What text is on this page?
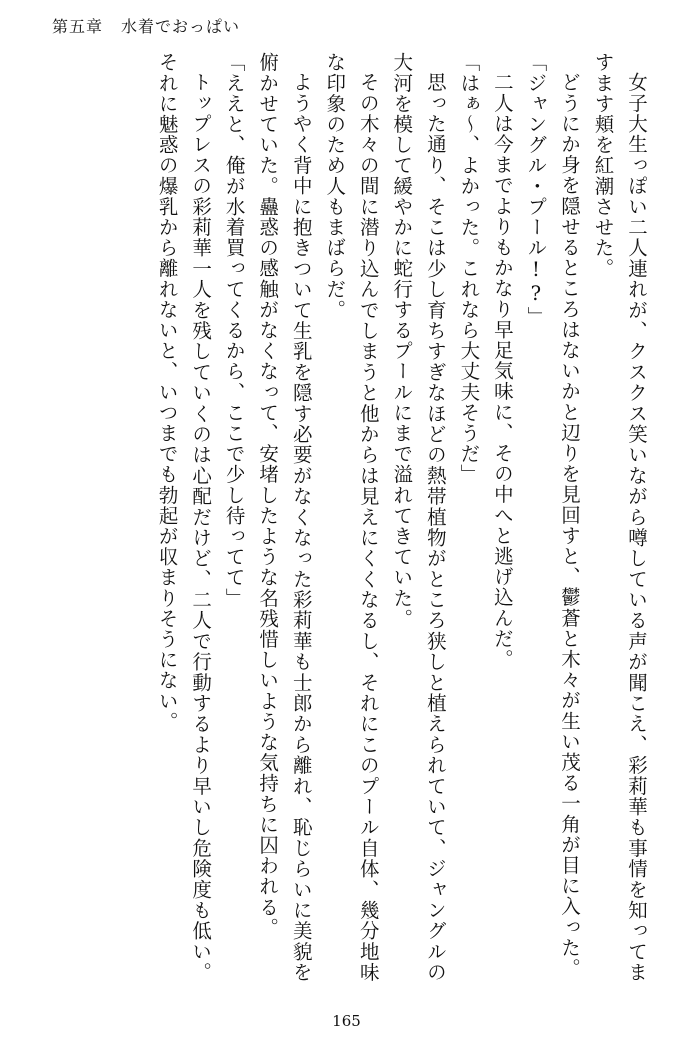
第五章 水着でおっぱい

女子大生っぽい二人連れが、クスクス笑いながら噂している声が聞こえ、彩莉華も事情を知ってますます頬を紅潮させた。

どうにか身を隠せるところはないかと辺りを見回すと、鬱蒼と木々が生い茂る一角が目に入った。

「ジャングル・プール!?」

二人は今までよりもかなり早足気味に、その中へと逃げ込んだ。

「はぁ～、よかった。これなら大丈夫そうだ」

思った通り、そこは少し育ちすぎなほどの熱帯植物がところ狭しと植えられていて、ジャングルの大河を模して緩やかに蛇行するプールにまで溢れてきていた。

その木々の間に潜り込んでしまうと他からは見えにくくなるし、それにこのプール自体、幾分地味な印象のため人もまばらだ。

ようやく背中に抱きついて生乳を隠す必要がなくなった彩莉華も士郎から離れ、恥じらいに美貌を俯かせていた。蠱惑の感触がなくなって、安堵したような名残惜しいような気持ちに囚われる。

「ええと、俺が水着買ってくるから、ここで少し待ってて」

トップレスの彩莉華一人を残していくのは心配だけど、二人で行動するより早いし危険度も低い。それに魅惑の爆乳から離れないと、いつまでも勃起が収まりそうにない。

165
